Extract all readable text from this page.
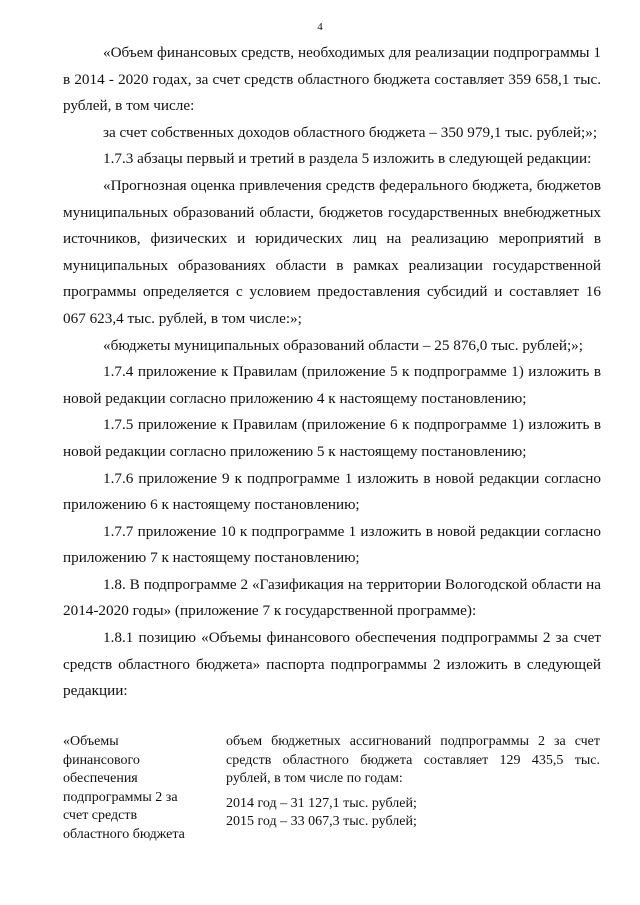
4

«Объем финансовых средств, необходимых для реализации подпрограммы 1 в 2014 - 2020 годах, за счет средств областного бюджета составляет 359 658,1 тыс. рублей, в том числе:

за счет собственных доходов областного бюджета – 350 979,1 тыс. рублей;»;

1.7.3 абзацы первый и третий в раздела 5 изложить в следующей редакции:

«Прогнозная оценка привлечения средств федерального бюджета, бюджетов муниципальных образований области, бюджетов государственных внебюджетных источников, физических и юридических лиц на реализацию мероприятий в муниципальных образованиях области в рамках реализации государственной программы определяется с условием предоставления субсидий и составляет 16 067 623,4 тыс. рублей, в том числе:»;

«бюджеты муниципальных образований области – 25 876,0 тыс. рублей;»;

1.7.4 приложение к Правилам (приложение 5 к подпрограмме 1) изложить в новой редакции согласно приложению 4 к настоящему постановлению;

1.7.5 приложение к Правилам (приложение 6 к подпрограмме 1) изложить в новой редакции согласно приложению 5 к настоящему постановлению;

1.7.6 приложение 9 к подпрограмме 1 изложить в новой редакции согласно приложению 6 к настоящему постановлению;

1.7.7 приложение 10 к подпрограмме 1 изложить в новой редакции согласно приложению 7 к настоящему постановлению;

1.8. В подпрограмме 2 «Газификация на территории Вологодской области на 2014-2020 годы» (приложение 7 к государственной программе):

1.8.1 позицию «Объемы финансового обеспечения подпрограммы 2 за счет средств областного бюджета» паспорта подпрограммы 2 изложить в следующей редакции:

«Объемы
финансового
обеспечения
подпрограммы 2 за
счет средств
областного бюджета
объем бюджетных ассигнований подпрограммы 2 за счет средств областного бюджета составляет 129 435,5 тыс. рублей, в том числе по годам:
2014 год – 31 127,1 тыс. рублей;
2015 год – 33 067,3 тыс. рублей;
